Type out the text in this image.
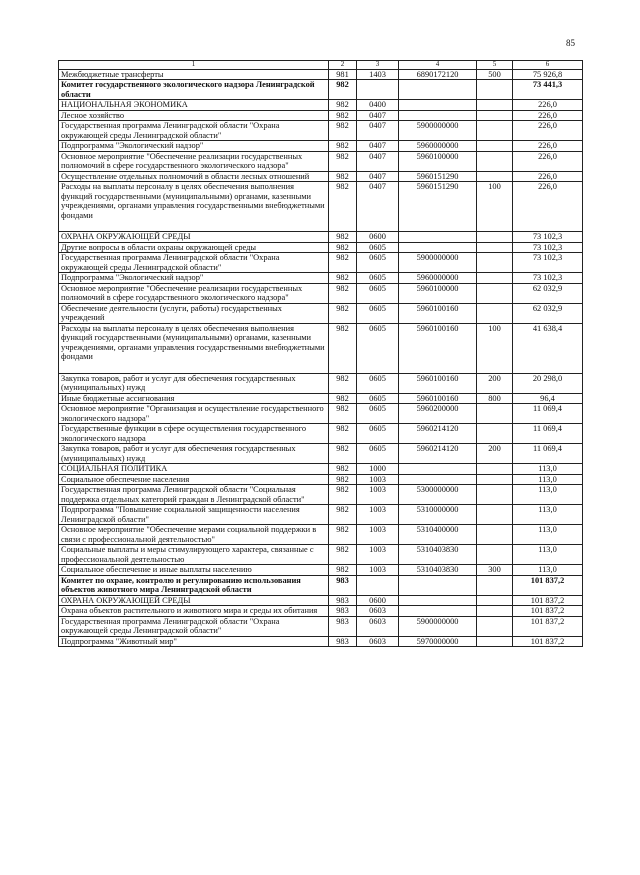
85
1	2	3	4	5	6
Межбюджетные трансферты	981	1403	6890172120	500	75 926,8
Комитет государственного экологического надзора Ленинградской области	982				73 441,3
НАЦИОНАЛЬНАЯ ЭКОНОМИКА	982	0400			226,0
Лесное хозяйство	982	0407			226,0
Государственная программа Ленинградской области "Охрана окружающей среды Ленинградской области"	982	0407	5900000000		226,0
Подпрограмма "Экологический надзор"	982	0407	5960000000		226,0
Основное мероприятие "Обеспечение реализации государственных полномочий в сфере государственного экологического надзора"	982	0407	5960100000		226,0
Осуществление отдельных полномочий в области лесных отношений	982	0407	5960151290		226,0
Расходы на выплаты персоналу в целях обеспечения выполнения функций государственными (муниципальными) органами, казенными учреждениями, органами управления государственными внебюджетными фондами	982	0407	5960151290	100	226,0
ОХРАНА ОКРУЖАЮЩЕЙ СРЕДЫ	982	0600			73 102,3
Другие вопросы в области охраны окружающей среды	982	0605			73 102,3
Государственная программа Ленинградской области "Охрана окружающей среды Ленинградской области"	982	0605	5900000000		73 102,3
Подпрограмма "Экологический надзор"	982	0605	5960000000		73 102,3
Основное мероприятие "Обеспечение реализации государственных полномочий в сфере государственного экологического надзора"	982	0605	5960100000		62 032,9
Обеспечение деятельности (услуги, работы) государственных учреждений	982	0605	5960100160		62 032,9
Расходы на выплаты персоналу в целях обеспечения выполнения функций государственными (муниципальными) органами, казенными учреждениями, органами управления государственными внебюджетными фондами	982	0605	5960100160	100	41 638,4
Закупка товаров, работ и услуг для обеспечения государственных (муниципальных) нужд	982	0605	5960100160	200	20 298,0
Иные бюджетные ассигнования	982	0605	5960100160	800	96,4
Основное мероприятие "Организация и осуществление государственного экологического надзора"	982	0605	5960200000		11 069,4
Государственные функции в сфере осуществления государственного экологического надзора	982	0605	5960214120		11 069,4
Закупка товаров, работ и услуг для обеспечения государственных (муниципальных) нужд	982	0605	5960214120	200	11 069,4
СОЦИАЛЬНАЯ ПОЛИТИКА	982	1000			113,0
Социальное обеспечение населения	982	1003			113,0
Государственная программа Ленинградской области "Социальная поддержка отдельных категорий граждан в Ленинградской области"	982	1003	5300000000		113,0
Подпрограмма "Повышение социальной защищенности населения Ленинградской области"	982	1003	5310000000		113,0
Основное мероприятие "Обеспечение мерами социальной поддержки в связи с профессиональной деятельностью"	982	1003	5310400000		113,0
Социальные выплаты и меры стимулирующего характера, связанные с профессиональной деятельностью	982	1003	5310403830		113,0
Социальное обеспечение и иные выплаты населению	982	1003	5310403830	300	113,0
Комитет по охране, контролю и регулированию использования объектов животного мира Ленинградской области	983				101 837,2
ОХРАНА ОКРУЖАЮЩЕЙ СРЕДЫ	983	0600			101 837,2
Охрана объектов растительного и животного мира и среды их обитания	983	0603			101 837,2
Государственная программа Ленинградской области "Охрана окружающей среды Ленинградской области"	983	0603	5900000000		101 837,2
Подпрограмма "Животный мир"	983	0603	5970000000		101 837,2
